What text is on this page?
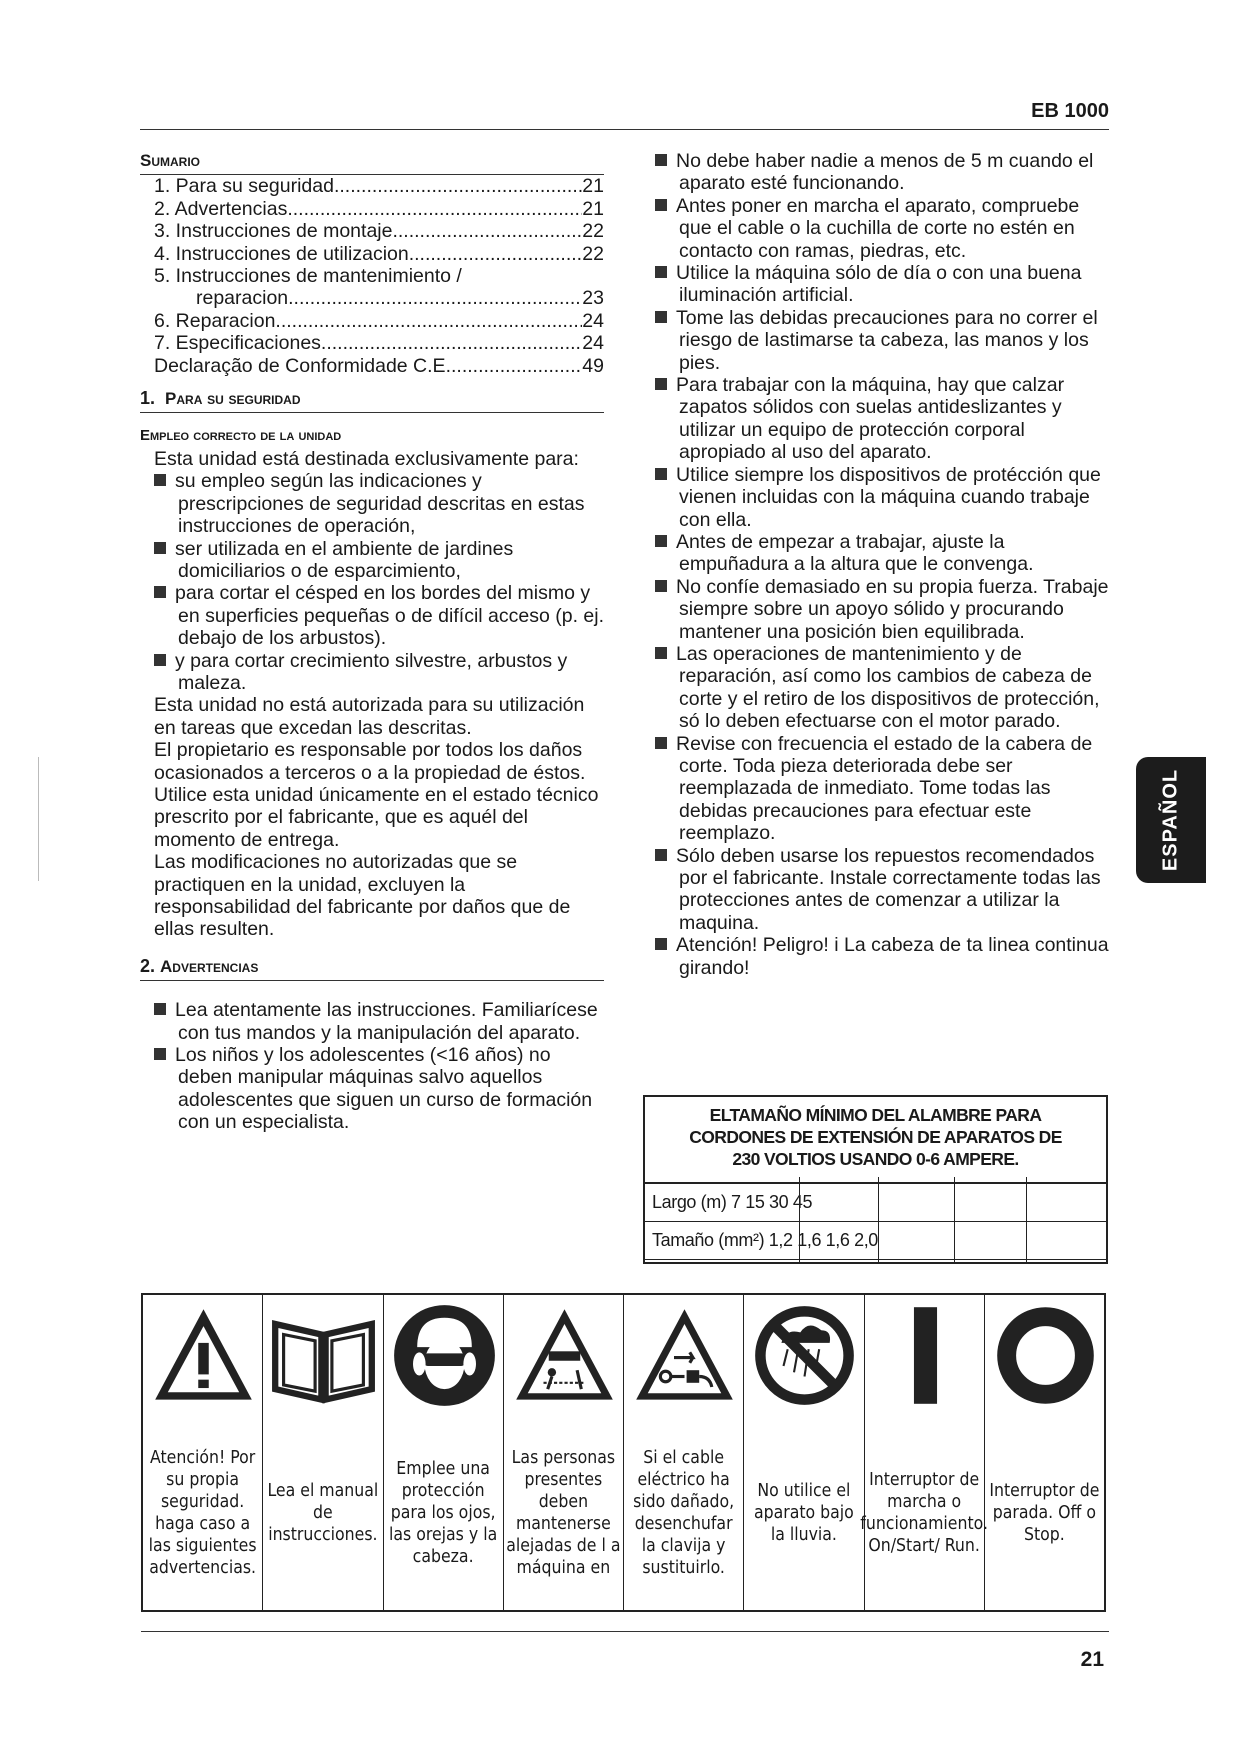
EB 1000
Sumario
1. Para su seguridad .....	21
2. Advertencias .....	21
3. Instrucciones de montaje .....	22
4. Instrucciones de utilizacion .....	22
5. Instrucciones de mantenimiento /
reparacion .....	23
6. Reparacion .....	24
7. Especificaciones .....	24
Declaração de Conformidade C.E. .....	49
1. Para su seguridad
Empleo correcto de la unidad
Esta unidad está destinada exclusivamente para:
su empleo según las indicaciones y prescripciones de seguridad descritas en estas instrucciones de operación,
ser utilizada en el ambiente de jardines domiciliarios o de esparcimiento,
para cortar el césped en los bordes del mismo y en superficies pequeñas o de difícil acceso (p. ej. debajo de los arbustos).
y para cortar crecimiento silvestre, arbustos y maleza.
Esta unidad no está autorizada para su utilización en tareas que excedan las descritas.
El propietario es responsable por todos los daños ocasionados a terceros o a la propiedad de éstos.
Utilice esta unidad únicamente en el estado técnico prescrito por el fabricante, que es aquél del momento de entrega.
Las modificaciones no autorizadas que se practiquen en la unidad, excluyen la responsabilidad del fabricante por daños que de ellas resulten.
2. Advertencias
Lea atentamente las instrucciones. Familiarícese con tus mandos y la manipulación del aparato.
Los niños y los adolescentes (<16 años) no deben manipular máquinas salvo aquellos adolescentes que siguen un curso de formación con un especialista.
No debe haber nadie a menos de 5 m cuando el aparato esté funcionando.
Antes poner en marcha el aparato, compruebe que el cable o la cuchilla de corte no estén en contacto con ramas, piedras, etc.
Utilice la máquina sólo de día o con una buena iluminación artificial.
Tome las debidas precauciones para no correr el riesgo de lastimarse ta cabeza, las manos y los pies.
Para trabajar con la máquina, hay que calzar zapatos sólidos con suelas antideslizantes y utilizar un equipo de protección corporal apropiado al uso del aparato.
Utilice siempre los dispositivos de protécción que vienen incluidas con la máquina cuando trabaje con ella.
Antes de empezar a trabajar, ajuste la empuñadura a la altura que le convenga.
No confíe demasiado en su propia fuerza. Trabaje siempre sobre un apoyo sólido y procurando mantener una posición bien equilibrada.
Las operaciones de mantenimiento y de reparación, así como los cambios de cabeza de corte y el retiro de los dispositivos de protección, só lo deben efectuarse con el motor parado.
Revise con frecuencia el estado de la cabera de corte. Toda pieza deteriorada debe ser reemplazada de inmediato. Tome todas las debidas precauciones para efectuar este reemplazo.
Sólo deben usarse los repuestos recomendados por el fabricante. Instale correctamente todas las protecciones antes de comenzar a utilizar la maquina.
Atención! Peligro! i La cabeza de ta linea continua girando!
ELTAMAÑO MÍNIMO DEL ALAMBRE PARA
CORDONES DE EXTENSIÓN DE APARATOS DE
230 VOLTIOS USANDO 0-6 AMPERE.
Largo (m) 7 15 30 45
Tamaño (mm²) 1,2 1,6 1,6 2,0
Atención! Por su propia seguridad. haga caso a las siguientes advertencias.
Lea el manual de instrucciones.
Emplee una protección para los ojos, las orejas y la cabeza.
Las personas presentes deben mantenerse alejadas de l a máquina en
Si el cable eléctrico ha sido dañado, desenchufar la clavija y sustituirlo.
No utilice el aparato bajo la lluvia.
Interruptor de marcha o funcionamiento. On/Start/ Run.
Interruptor de parada. Off o Stop.
21
ESPAÑOL
